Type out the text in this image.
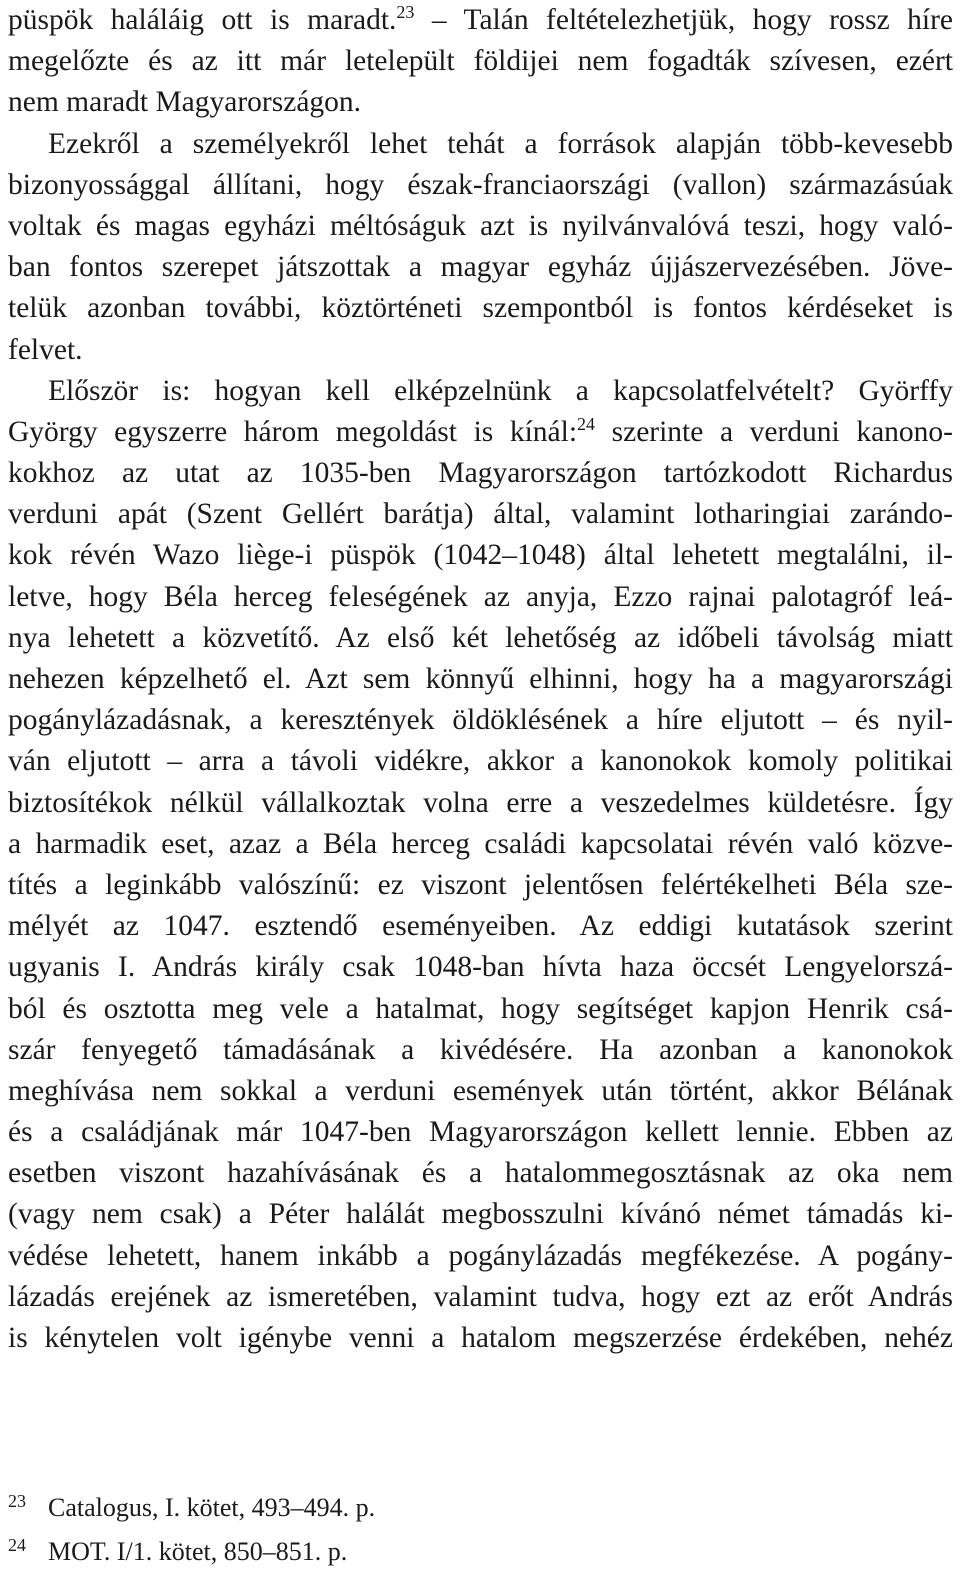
püspök haláláig ott is maradt.$^{23}$ – Talán feltételezhetjük, hogy rossz híre
megelőzte és az itt már letelepült földijei nem fogadták szívesen, ezért
nem maradt Magyarországon.
Ezekről a személyekről lehet tehát a források alapján több-kevesebb
bizonyossággal állítani, hogy észak-franciaországi (vallon) származásúak
voltak és magas egyházi méltóságuk azt is nyilvánvalóvá teszi, hogy való-
ban fontos szerepet játszottak a magyar egyház újjászervezésében. Jöve-
telük azonban további, köztörténeti szempontból is fontos kérdéseket is
felvet.
Először is: hogyan kell elképzelnünk a kapcsolatfelvételt? Györffy
György egyszerre három megoldást is kínál:$^{24}$ szerinte a verduni kanono-
kokhoz az utat az 1035-ben Magyarországon tartózkodott Richardus
verduni apát (Szent Gellért barátja) által, valamint lotharingiai zarándo-
kok révén Wazo liège-i püspök (1042–1048) által lehetett megtalálni, il-
letve, hogy Béla herceg feleségének az anyja, Ezzo rajnai palotagróf leá-
nya lehetett a közvetítő. Az első két lehetőség az időbeli távolság miatt
nehezen képzelhető el. Azt sem könnyű elhinni, hogy ha a magyarországi
pogánylázadásnak, a keresztények öldöklésének a híre eljutott – és nyil-
ván eljutott – arra a távoli vidékre, akkor a kanonokok komoly politikai
biztosítékok nélkül vállalkoztak volna erre a veszedelmes küldetésre. Így
a harmadik eset, azaz a Béla herceg családi kapcsolatai révén való közve-
títés a leginkább valószínű: ez viszont jelentősen felértékelheti Béla sze-
mélyét az 1047. esztendő eseményeiben. Az eddigi kutatások szerint
ugyanis I. András király csak 1048-ban hívta haza öccsét Lengyelorszá-
ból és osztotta meg vele a hatalmat, hogy segítséget kapjon Henrik csá-
szár fenyegető támadásának a kivédésére. Ha azonban a kanonokok
meghívása nem sokkal a verduni események után történt, akkor Bélának
és a családjának már 1047-ben Magyarországon kellett lennie. Ebben az
esetben viszont hazahívásának és a hatalommegosztásnak az oka nem
(vagy nem csak) a Péter halálát megbosszulni kívánó német támadás ki-
védése lehetett, hanem inkább a pogánylázadás megfékezése. A pogány-
lázadás erejének az ismeretében, valamint tudva, hogy ezt az erőt András
is kénytelen volt igénybe venni a hatalom megszerzése érdekében, nehéz
23 Catalogus, I. kötet, 493–494. p.
24 MOT. I/1. kötet, 850–851. p.
